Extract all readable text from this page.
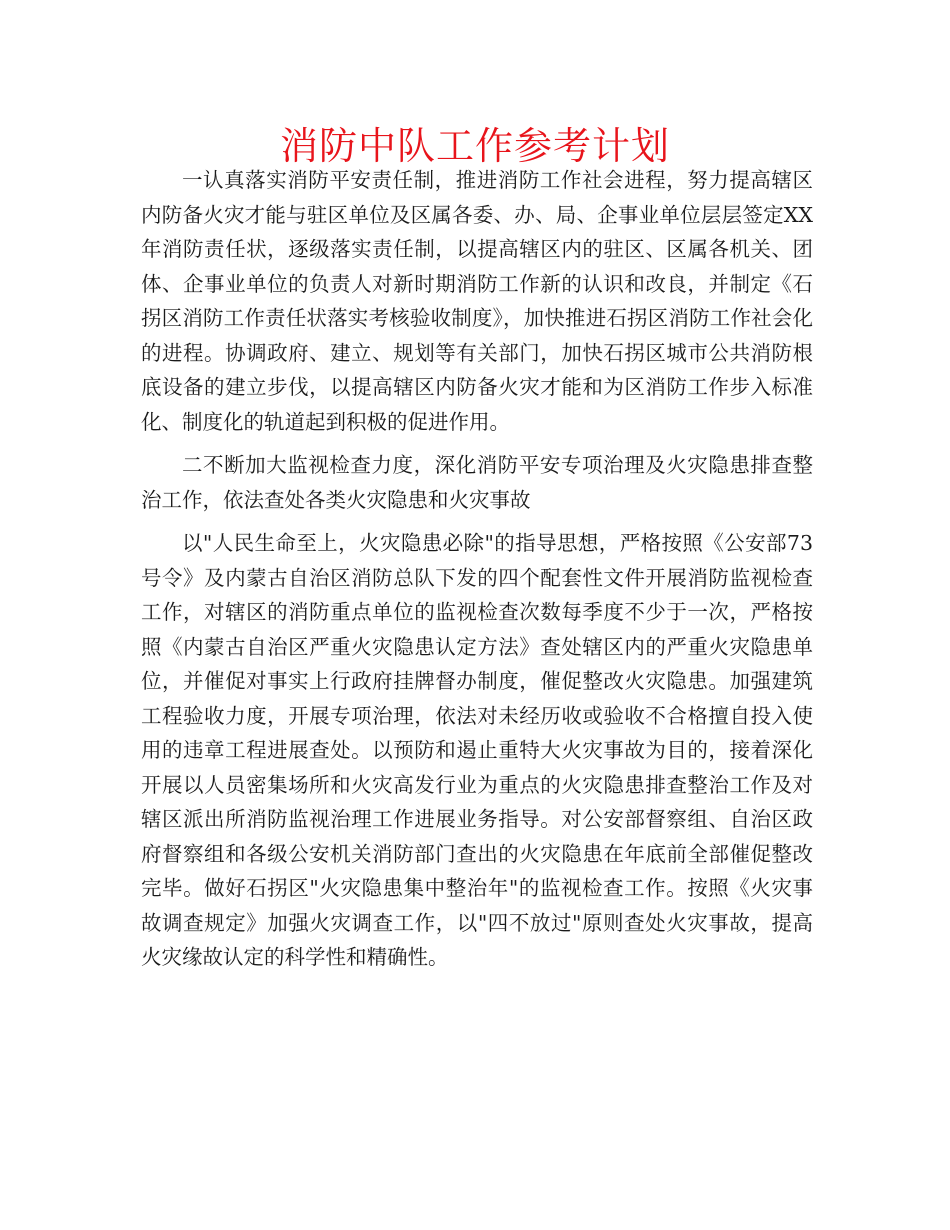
消防中队工作参考计划

一认真落实消防平安责任制，推进消防工作社会进程，努力提高辖区内防备火灾才能与驻区单位及区属各委、办、局、企事业单位层层签定XX年消防责任状，逐级落实责任制，以提高辖区内的驻区、区属各机关、团体、企事业单位的负责人对新时期消防工作新的认识和改良，并制定《石拐区消防工作责任状落实考核验收制度》，加快推进石拐区消防工作社会化的进程。协调政府、建立、规划等有关部门，加快石拐区城市公共消防根底设备的建立步伐，以提高辖区内防备火灾才能和为区消防工作步入标准化、制度化的轨道起到积极的促进作用。

二不断加大监视检查力度，深化消防平安专项治理及火灾隐患排查整治工作，依法查处各类火灾隐患和火灾事故

以"人民生命至上，火灾隐患必除"的指导思想，严格按照《公安部73号令》及内蒙古自治区消防总队下发的四个配套性文件开展消防监视检查工作，对辖区的消防重点单位的监视检查次数每季度不少于一次，严格按照《内蒙古自治区严重火灾隐患认定方法》查处辖区内的严重火灾隐患单位，并催促对事实上行政府挂牌督办制度，催促整改火灾隐患。加强建筑工程验收力度，开展专项治理，依法对未经历收或验收不合格擅自投入使用的违章工程进展查处。以预防和遏止重特大火灾事故为目的，接着深化开展以人员密集场所和火灾高发行业为重点的火灾隐患排查整治工作及对辖区派出所消防监视治理工作进展业务指导。对公安部督察组、自治区政府督察组和各级公安机关消防部门查出的火灾隐患在年底前全部催促整改完毕。做好石拐区"火灾隐患集中整治年"的监视检查工作。按照《火灾事故调查规定》加强火灾调查工作，以"四不放过"原则查处火灾事故，提高火灾缘故认定的科学性和精确性。
